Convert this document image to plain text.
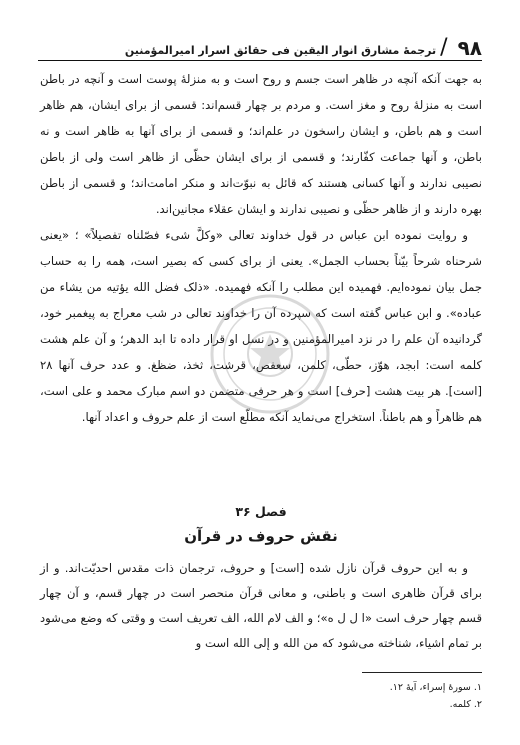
۹۸
/
ترجمهٔ مشارق انوار الیقین فی حقائق اسرار امیرالمؤمنین

به جهت آنکه آنچه در ظاهر است جسم و روح است و به منزلهٔ پوست است و آنچه در باطن است به منزلهٔ روح و مغز است. و مردم بر چهار قسم‌اند: قسمی از برای ایشان، هم ظاهر است و هم باطن، و ایشان راسخون در علم‌اند؛ و قسمی از برای آنها به ظاهر است و نه باطن، و آنها جماعت کفّارند؛ و قسمی از برای ایشان حظّی از ظاهر است ولی از باطن نصیبی ندارند و آنها کسانی هستند که قائل به نبوّت‌اند و منکر امامت‌اند؛ و قسمی از باطن بهره دارند و از ظاهر حظّی و نصیبی ندارند و ایشان عقلاء مجانین‌اند.

و روایت نموده ابن عباس در قول خداوند تعالی «وکلَّ شیء فصّلناه تفصیلاً» ؛ «یعنی شرحناه شرحاً بیّناً بحساب الجمل». یعنی از برای کسی که بصیر است، همه را به حساب جمل بیان نموده‌ایم. فهمیده این مطلب را آنکه فهمیده. «ذلک فضل الله یؤتیه من یشاء من عباده». و ابن عباس گفته است که سپرده آن را خداوند تعالی در شب معراج به پیغمبر خود، گردانیده آن علم را در نزد امیرالمؤمنین و در نسل او قرار داده تا ابد الدهر؛ و آن علم هشت کلمه است: ابجد، هوّز، حطّی، کلمن، سعفص، قرشت، ثخذ، ضظغ. و عدد حرف آنها ۲۸ [است]. هر بیت هشت [حرف] است و هر حرفی متضمن دو اسم مبارک محمد و علی است، هم ظاهراً و هم باطناً. استخراج می‌نماید آنکه مطلّع است از علم حروف و اعداد آنها.

فصل ۳۶
نقش حروف در قرآن

و به این حروف قرآن نازل شده [است] و حروف، ترجمان ذات مقدس احدیّت‌اند. و از برای قرآن ظاهری است و باطنی، و معانی قرآن منحصر است در چهار قسم، و آن چهار قسم چهار حرف است «ا ل ل ه»؛ و الف لام الله، الف تعریف است و وقتی که وضع می‌شود بر تمام اشیاء، شناخته می‌شود که من الله و إلی الله است و

۱. سورهٔ إسراء، آیهٔ ۱۲.
۲. کلمه.
